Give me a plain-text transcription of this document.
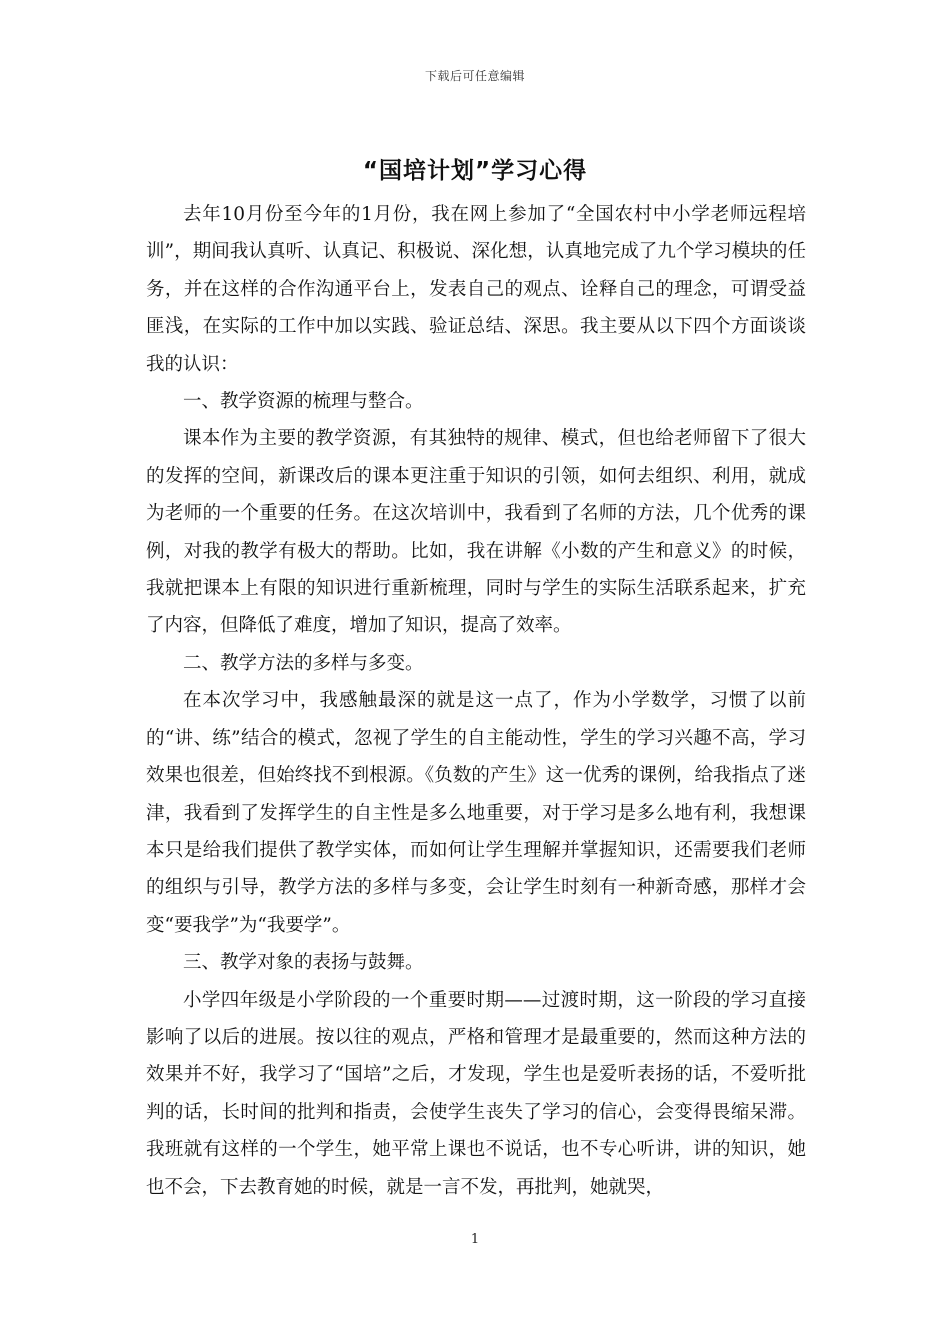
下载后可任意编辑
“国培计划”学习心得

去年10月份至今年的1月份，我在网上参加了“全国农村中小学老师远程培训”，期间我认真听、认真记、积极说、深化想，认真地完成了九个学习模块的任务，并在这样的合作沟通平台上，发表自己的观点、诠释自己的理念，可谓受益匪浅，在实际的工作中加以实践、验证总结、深思。我主要从以下四个方面谈谈我的认识：

一、教学资源的梳理与整合。

课本作为主要的教学资源，有其独特的规律、模式，但也给老师留下了很大的发挥的空间，新课改后的课本更注重于知识的引领，如何去组织、利用，就成为老师的一个重要的任务。在这次培训中，我看到了名师的方法，几个优秀的课例，对我的教学有极大的帮助。比如，我在讲解《小数的产生和意义》的时候，我就把课本上有限的知识进行重新梳理，同时与学生的实际生活联系起来，扩充了内容，但降低了难度，增加了知识，提高了效率。

二、教学方法的多样与多变。

在本次学习中，我感触最深的就是这一点了，作为小学数学，习惯了以前的“讲、练”结合的模式，忽视了学生的自主能动性，学生的学习兴趣不高，学习效果也很差，但始终找不到根源。《负数的产生》这一优秀的课例，给我指点了迷津，我看到了发挥学生的自主性是多么地重要，对于学习是多么地有利，我想课本只是给我们提供了教学实体，而如何让学生理解并掌握知识，还需要我们老师的组织与引导，教学方法的多样与多变，会让学生时刻有一种新奇感，那样才会变“要我学”为“我要学”。

三、教学对象的表扬与鼓舞。

小学四年级是小学阶段的一个重要时期——过渡时期，这一阶段的学习直接影响了以后的进展。按以往的观点，严格和管理才是最重要的，然而这种方法的效果并不好，我学习了“国培”之后，才发现，学生也是爱听表扬的话，不爱听批判的话，长时间的批判和指责，会使学生丧失了学习的信心，会变得畏缩呆滞。我班就有这样的一个学生，她平常上课也不说话，也不专心听讲，讲的知识，她也不会，下去教育她的时候，就是一言不发，再批判，她就哭，

1
